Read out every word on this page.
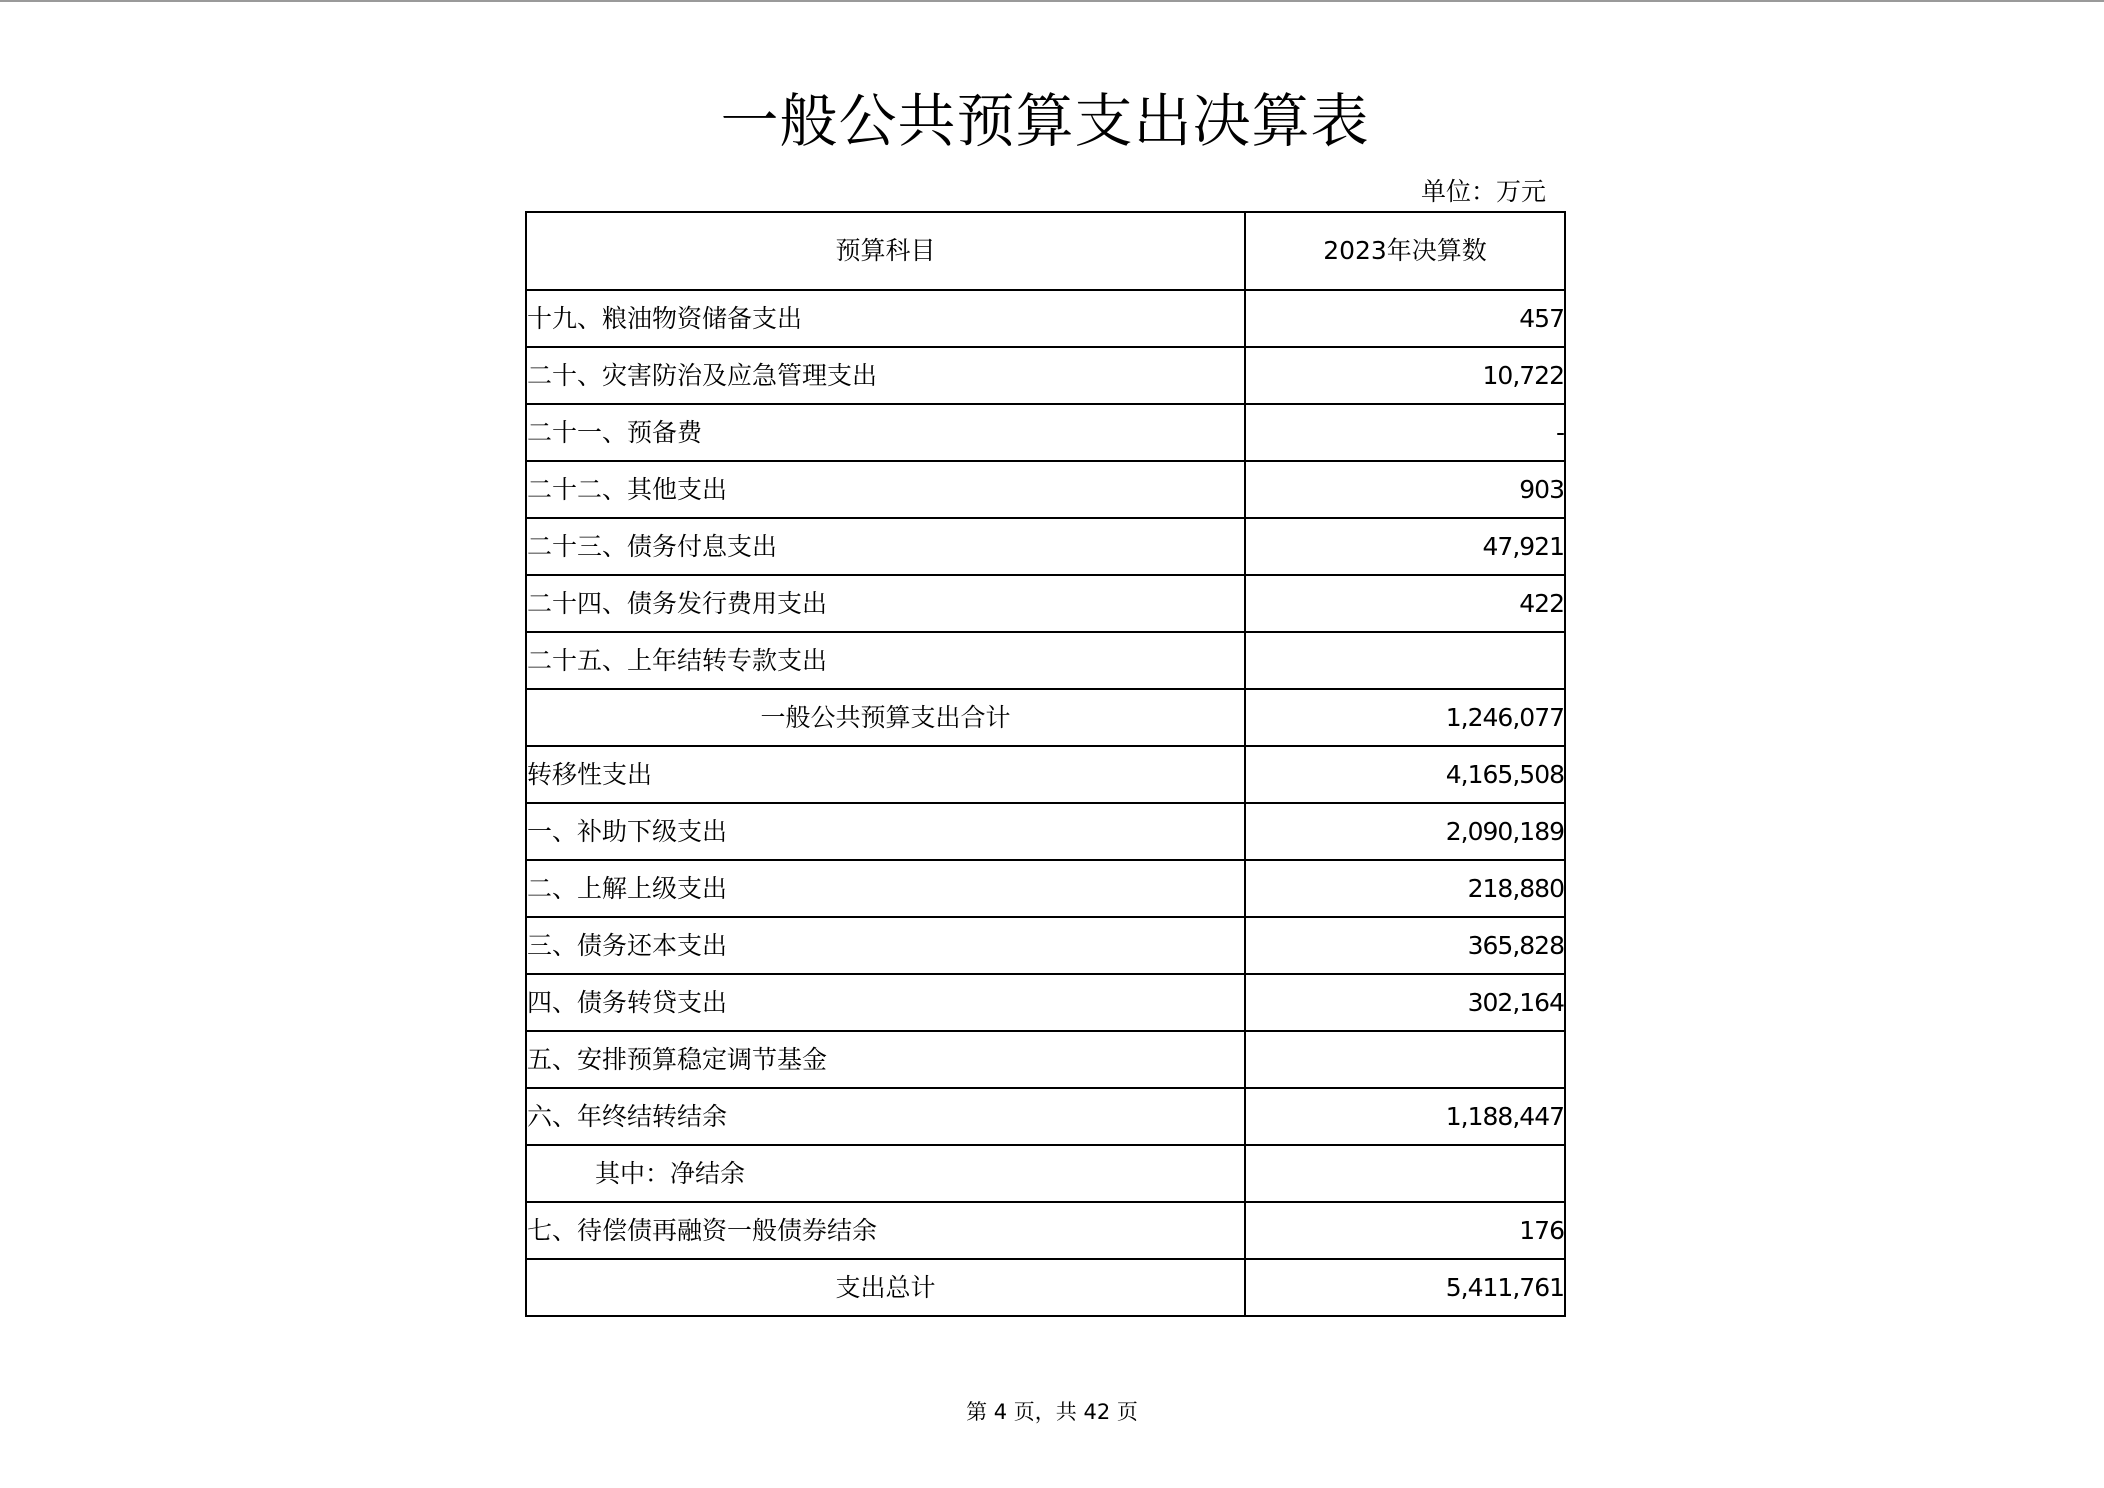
一般公共预算支出决算表
单位：万元
预算科目	2023年决算数
十九、粮油物资储备支出	457
二十、灾害防治及应急管理支出	10,722
二十一、预备费	-
二十二、其他支出	903
二十三、债务付息支出	47,921
二十四、债务发行费用支出	422
二十五、上年结转专款支出	
一般公共预算支出合计	1,246,077
转移性支出	4,165,508
一、补助下级支出	2,090,189
二、上解上级支出	218,880
三、债务还本支出	365,828
四、债务转贷支出	302,164
五、安排预算稳定调节基金	
六、年终结转结余	1,188,447
其中：净结余	
七、待偿债再融资一般债券结余	176
支出总计	5,411,761
第 4 页，共 42 页
